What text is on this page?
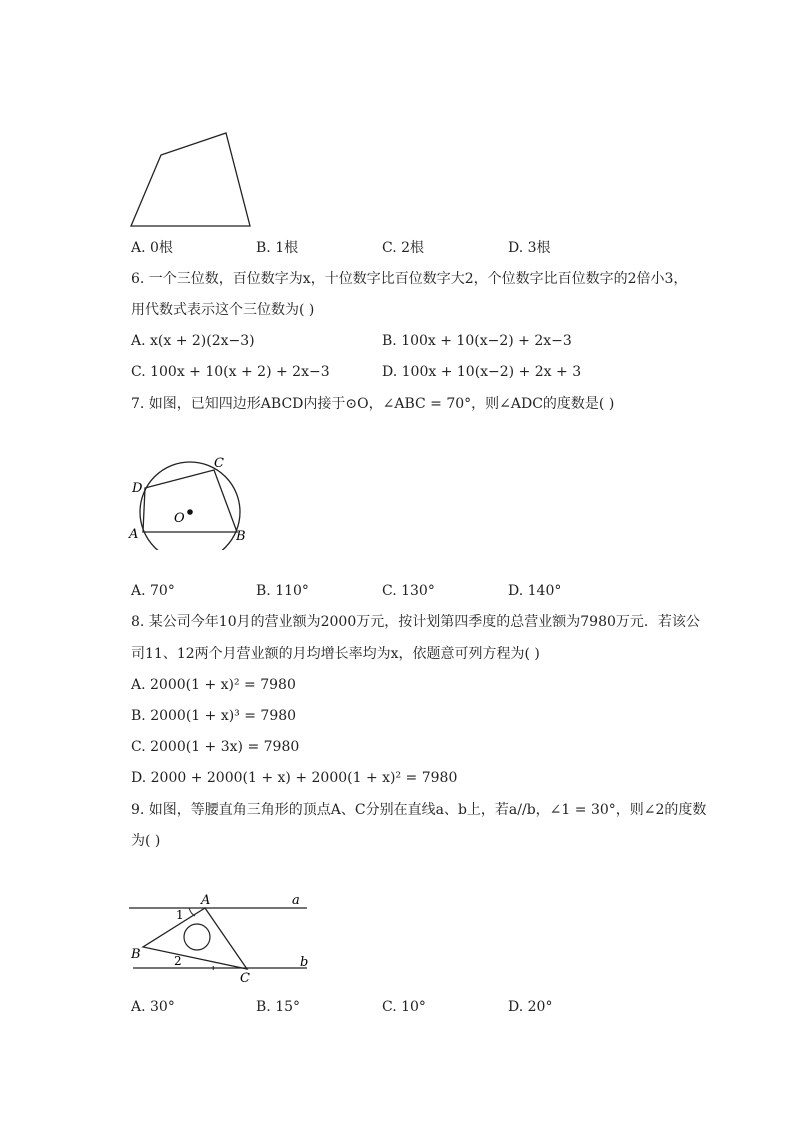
A. 0根	B. 1根	C. 2根	D. 3根
6. 一个三位数，百位数字为x，十位数字比百位数字大2，个位数字比百位数字的2倍小3，
用代数式表示这个三位数为( )
A. x(x + 2)(2x−3)	B. 100x + 10(x−2) + 2x−3
C. 100x + 10(x + 2) + 2x−3	D. 100x + 10(x−2) + 2x + 3
7. 如图，已知四边形ABCD内接于⊙O，∠ABC = 70°，则∠ADC的度数是( )
A	B
C
D
O
A. 70°	B. 110°	C. 130°	D. 140°
8. 某公司今年10月的营业额为2000万元，按计划第四季度的总营业额为7980万元．若该公
司11、12两个月营业额的月均增长率均为x，依题意可列方程为( )
A. 2000(1 + x)² = 7980
B. 2000(1 + x)³ = 7980
C. 2000(1 + 3x) = 7980
D. 2000 + 2000(1 + x) + 2000(1 + x)² = 7980
9. 如图，等腰直角三角形的顶点A、C分别在直线a、b上，若a//b，∠1 = 30°，则∠2的度数
为( )
A
B
C
a
b
1
2
A. 30°	B. 15°	C. 10°	D. 20°
